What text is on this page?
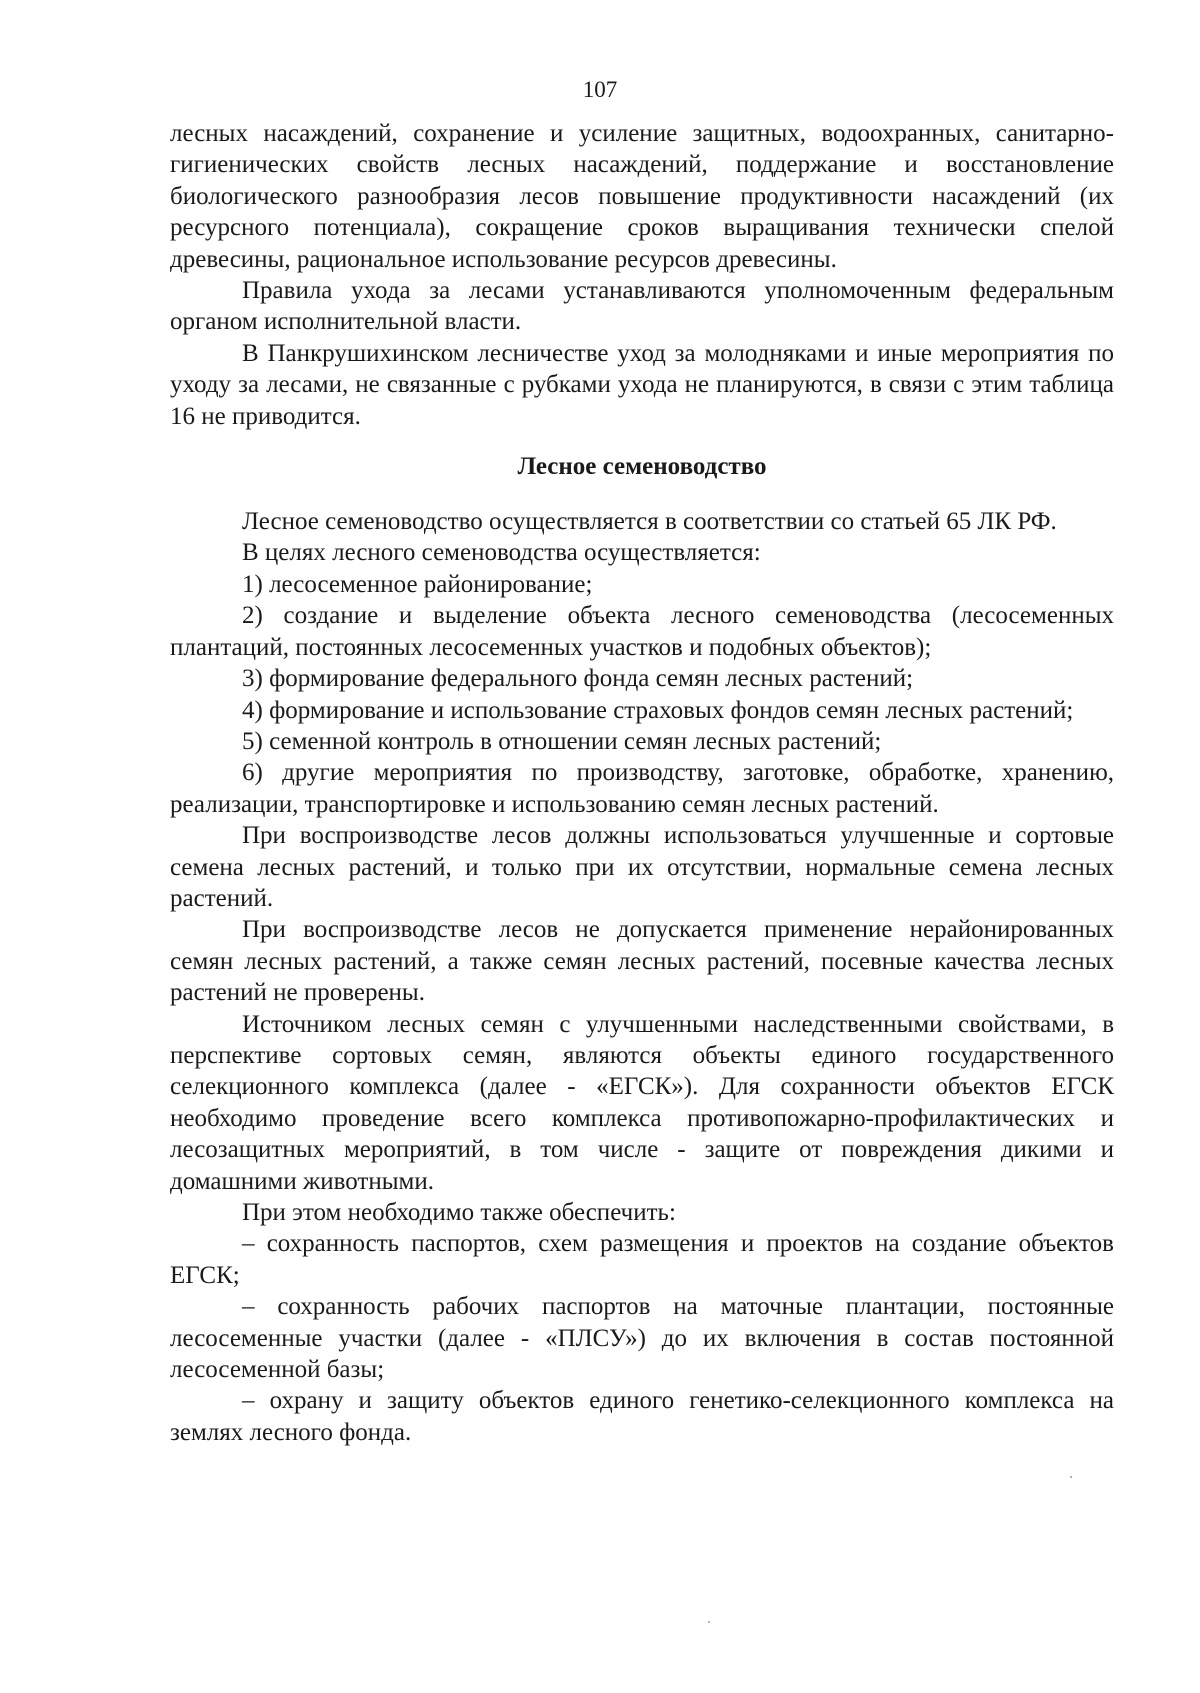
107

лесных насаждений, сохранение и усиление защитных, водоохранных, санитарно-гигиенических свойств лесных насаждений, поддержание и восстановление биологического разнообразия лесов повышение продуктивности насаждений (их ресурсного потенциала), сокращение сроков выращивания технически спелой древесины, рациональное использование ресурсов древесины.

Правила ухода за лесами устанавливаются уполномоченным федеральным органом исполнительной власти.

В Панкрушихинском лесничестве уход за молодняками и иные мероприятия по уходу за лесами, не связанные с рубками ухода не планируются, в связи с этим таблица 16 не приводится.

Лесное семеноводство

Лесное семеноводство осуществляется в соответствии со статьей 65 ЛК РФ.

В целях лесного семеноводства осуществляется:

1) лесосеменное районирование;

2) создание и выделение объекта лесного семеноводства (лесосеменных плантаций, постоянных лесосеменных участков и подобных объектов);

3) формирование федерального фонда семян лесных растений;

4) формирование и использование страховых фондов семян лесных растений;

5) семенной контроль в отношении семян лесных растений;

6) другие мероприятия по производству, заготовке, обработке, хранению, реализации, транспортировке и использованию семян лесных растений.

При воспроизводстве лесов должны использоваться улучшенные и сортовые семена лесных растений, и только при их отсутствии, нормальные семена лесных растений.

При воспроизводстве лесов не допускается применение нерайонированных семян лесных растений, а также семян лесных растений, посевные качества лесных растений не проверены.

Источником лесных семян с улучшенными наследственными свойствами, в перспективе сортовых семян, являются объекты единого государственного селекционного комплекса (далее - «ЕГСК»). Для сохранности объектов ЕГСК необходимо проведение всего комплекса противопожарно-профилактических и лесозащитных мероприятий, в том числе - защите от повреждения дикими и домашними животными.

При этом необходимо также обеспечить:

– сохранность паспортов, схем размещения и проектов на создание объектов ЕГСК;

– сохранность рабочих паспортов на маточные плантации, постоянные лесосеменные участки (далее - «ПЛСУ») до их включения в состав постоянной лесосеменной базы;

– охрану и защиту объектов единого генетико-селекционного комплекса на землях лесного фонда.
